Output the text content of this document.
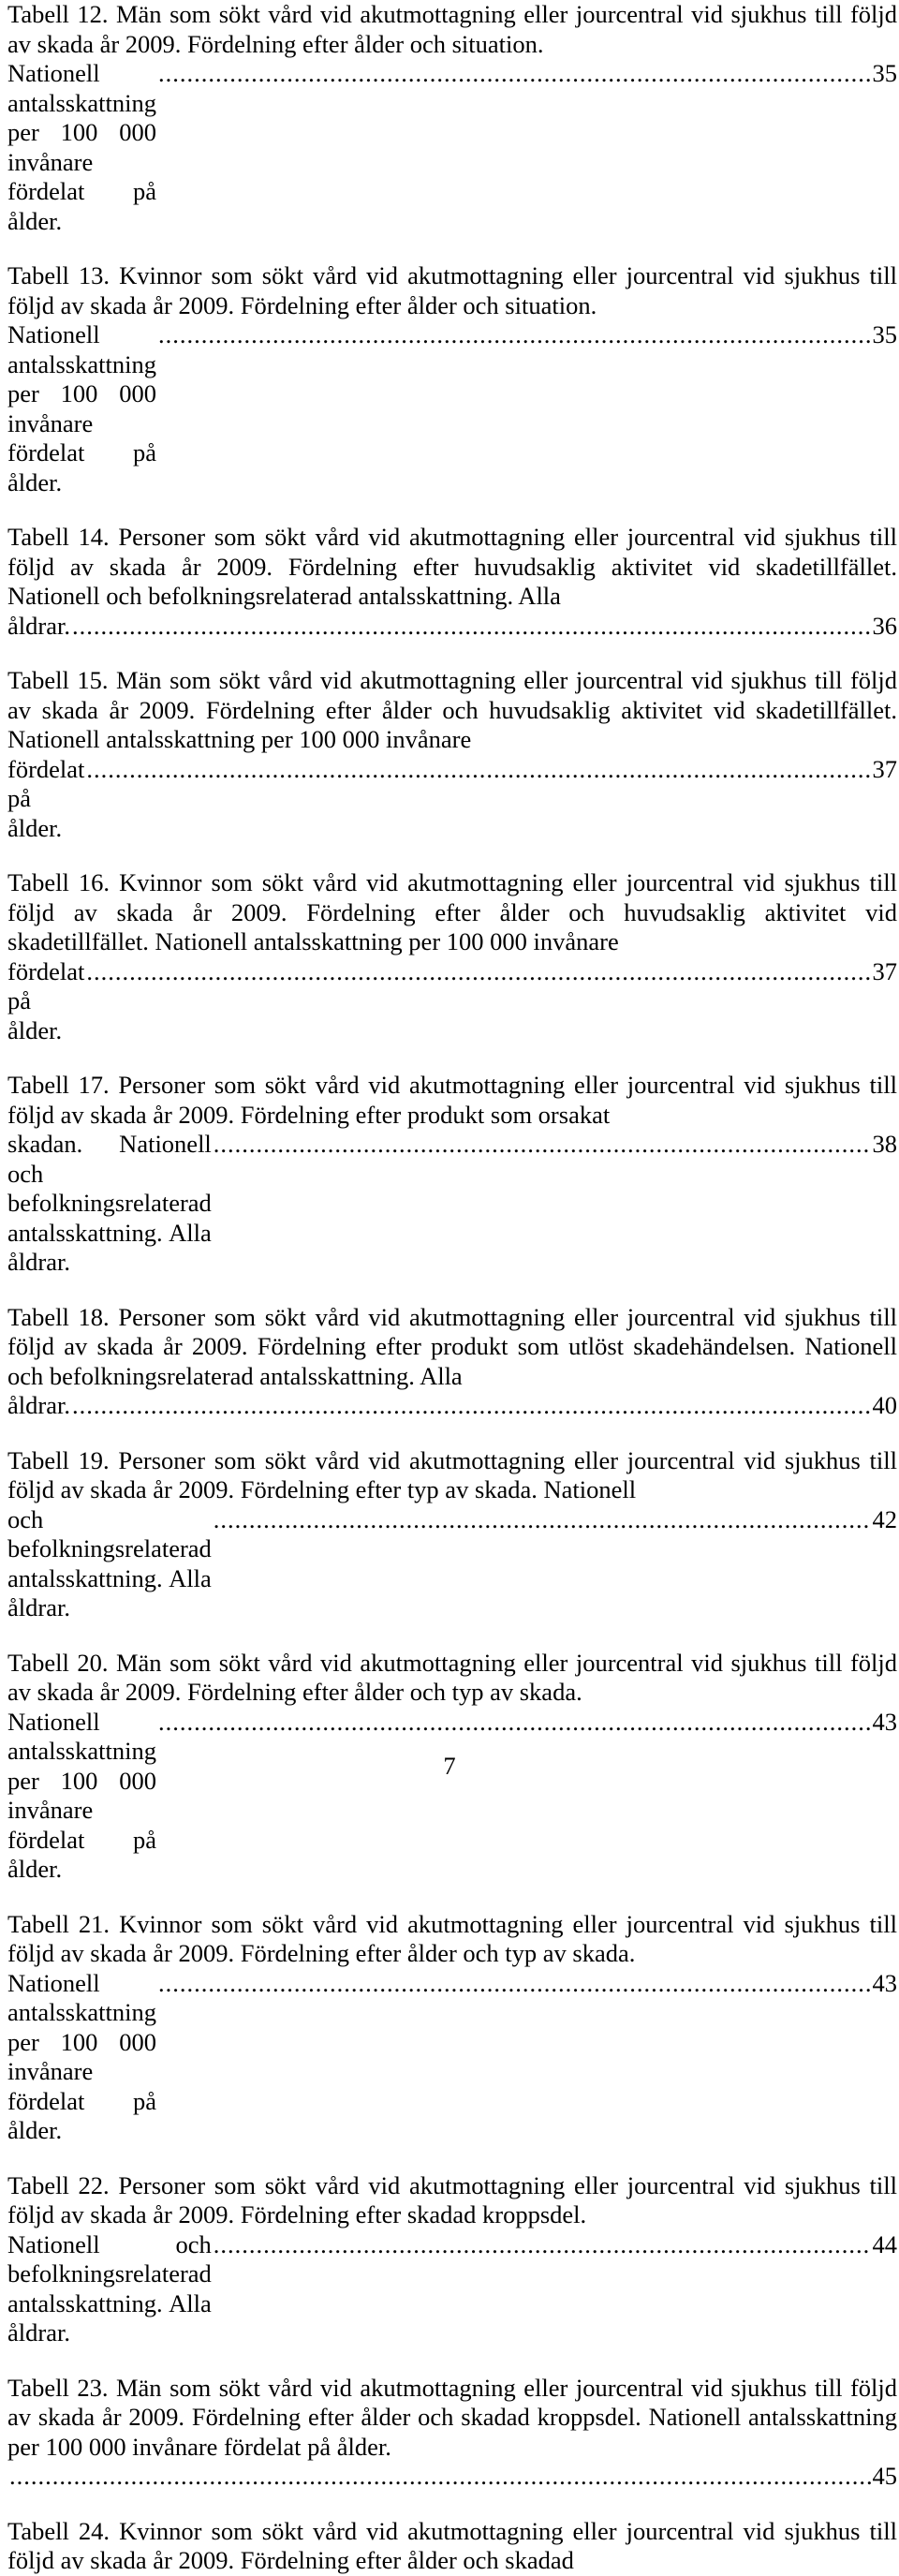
Tabell 12. Män som sökt vård vid akutmottagning eller jourcentral vid sjukhus till följd av skada år 2009. Fördelning efter ålder och situation.
Nationell antalsskattning per 100 000 invånare fördelat på ålder.
.....
35
Tabell 13. Kvinnor som sökt vård vid akutmottagning eller jourcentral vid sjukhus till följd av skada år 2009. Fördelning efter ålder och situation.
Nationell antalsskattning per 100 000 invånare fördelat på ålder.
.....
35
Tabell 14. Personer som sökt vård vid akutmottagning eller jourcentral vid sjukhus till följd av skada år 2009. Fördelning efter huvudsaklig aktivitet vid skadetillfället. Nationell och befolkningsrelaterad antalsskattning. Alla
åldrar. .....	36
Tabell 15. Män som sökt vård vid akutmottagning eller jourcentral vid sjukhus till följd av skada år 2009. Fördelning efter ålder och huvudsaklig aktivitet vid skadetillfället. Nationell antalsskattning per 100 000 invånare
fördelat på ålder.
.....
37
Tabell 16. Kvinnor som sökt vård vid akutmottagning eller jourcentral vid sjukhus till följd av skada år 2009. Fördelning efter ålder och huvudsaklig aktivitet vid skadetillfället. Nationell antalsskattning per 100 000 invånare
fördelat på ålder.
.....
37
Tabell 17. Personer som sökt vård vid akutmottagning eller jourcentral vid sjukhus till följd av skada år 2009. Fördelning efter produkt som orsakat
skadan. Nationell och befolkningsrelaterad antalsskattning. Alla åldrar.
.....
38
Tabell 18. Personer som sökt vård vid akutmottagning eller jourcentral vid sjukhus till följd av skada år 2009. Fördelning efter produkt som utlöst skadehändelsen. Nationell och befolkningsrelaterad antalsskattning. Alla
åldrar. .....	40
Tabell 19. Personer som sökt vård vid akutmottagning eller jourcentral vid sjukhus till följd av skada år 2009. Fördelning efter typ av skada. Nationell
och befolkningsrelaterad antalsskattning. Alla åldrar.
.....
42
Tabell 20. Män som sökt vård vid akutmottagning eller jourcentral vid sjukhus till följd av skada år 2009. Fördelning efter ålder och typ av skada.
Nationell antalsskattning per 100 000 invånare fördelat på ålder.
.....
43
Tabell 21. Kvinnor som sökt vård vid akutmottagning eller jourcentral vid sjukhus till följd av skada år 2009. Fördelning efter ålder och typ av skada.
Nationell antalsskattning per 100 000 invånare fördelat på ålder.
.....
43
Tabell 22. Personer som sökt vård vid akutmottagning eller jourcentral vid sjukhus till följd av skada år 2009. Fördelning efter skadad kroppsdel.
Nationell och befolkningsrelaterad antalsskattning. Alla åldrar.
.....
44
Tabell 23. Män som sökt vård vid akutmottagning eller jourcentral vid sjukhus till följd av skada år 2009. Fördelning efter ålder och skadad kroppsdel. Nationell antalsskattning per 100 000 invånare fördelat på ålder.
.....
45
Tabell 24. Kvinnor som sökt vård vid akutmottagning eller jourcentral vid sjukhus till följd av skada år 2009. Fördelning efter ålder och skadad
7
